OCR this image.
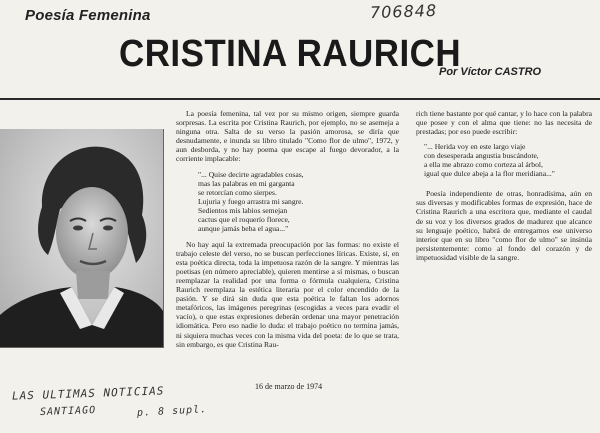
Poesía Femenina	706848
CRISTINA RAURICH
Por Víctor CASTRO

La poesía femenina, tal vez por su mismo origen, siempre guarda sorpresas. La escrita por Cristina Raurich, por ejemplo, no se asemeja a ninguna otra. Salta de su verso la pasión amorosa, se diría que desnudamente, e inunda su libro titulado "Como flor de ulmo", 1972, y aun desborda, y no hay poema que escape al fuego devorador, a la corriente implacable:

"... Quise decirte agradables cosas,
mas las palabras en mi garganta
se retorcían como sierpes.
Lujuria y fuego arrastra mi sangre.
Sedientos mis labios semejan
cactus que el roquerío florece,
aunque jamás beba el agua..."

No hay aquí la extremada preocupación por las formas: no existe el trabajo celeste del verso, no se buscan perfecciones líricas. Existe, sí, en esta poética directa, toda la impetuosa razón de la sangre. Y mientras las poetisas (en número apreciable), quieren mentirse a sí mismas, o buscan reemplazar la realidad por una forma o fórmula cualquiera, Cristina Raurich reemplaza la estética literaria por el color encendido de la pasión. Y se dirá sin duda que esta poética le faltan los adornos metafóricos, las imágenes peregrinas (escogidas a veces para evadir el vacío), o que estas expresiones deberán ordenar una mayor penetración idiomática. Pero eso nadie lo duda: el trabajo poético no termina jamás, ni siquiera muchas veces con la misma vida del poeta: de lo que se trata, sin embargo, es que Cristina Rau-

rich tiene bastante por qué cantar, y lo hace con la palabra que posee y con el alma que tiene: no las necesita de prestadas; por eso puede escribir:

"... Herida voy en este largo viaje
con desesperada angustia buscándote,
a ella me abrazo como corteza al árbol,
igual que dulce abeja a la flor meridiana..."

Poesía independiente de otras, honradísima, aún en sus diversas y modificables formas de expresión, hace de Cristina Raurich a una escritora que, mediante el caudal de su voz y los diversos grados de madurez que alcance su lenguaje poético, habrá de entregarnos ese universo interior que en su libro "como flor de ulmo" se insinúa persistentemente: como al fondo del corazón y de impetuosidad visible de la sangre.

16 de marzo de 1974
LAS ULTIMAS NOTICIAS
SANTIAGO	p. 8 supl.
